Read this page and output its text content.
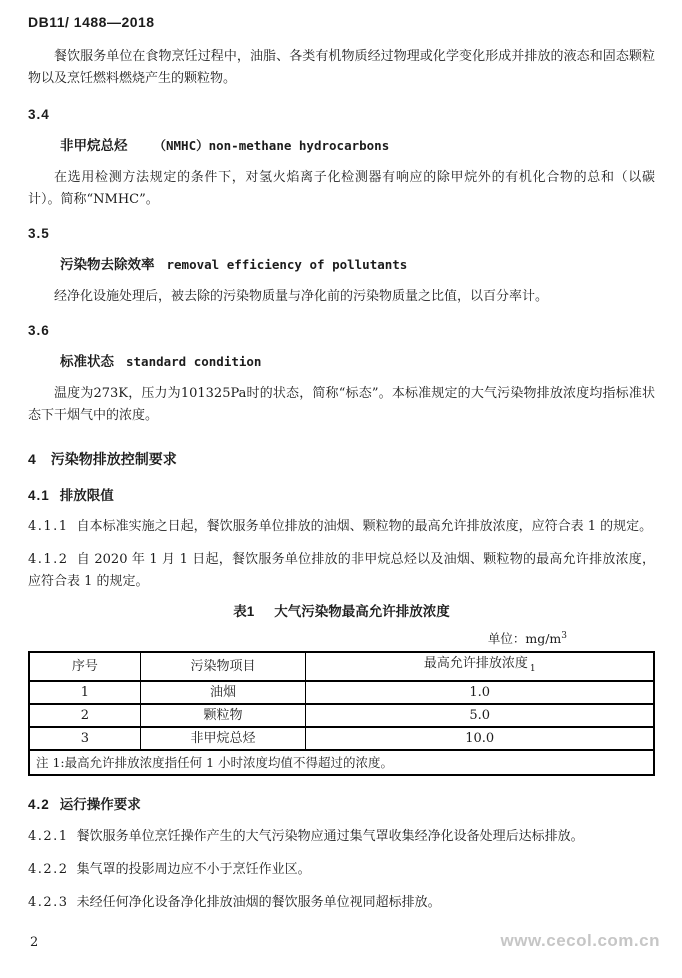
DB11/ 1488—2018

餐饮服务单位在食物烹饪过程中，油脂、各类有机物质经过物理或化学变化形成并排放的液态和固态颗粒物以及烹饪燃料燃烧产生的颗粒物。

3.4
非甲烷总烃 （NMHC）non-methane hydrocarbons

在选用检测方法规定的条件下，对氢火焰离子化检测器有响应的除甲烷外的有机化合物的总和（以碳计）。简称“NMHC”。

3.5
污染物去除效率 removal efficiency of pollutants

经净化设施处理后，被去除的污染物质量与净化前的污染物质量之比值，以百分率计。

3.6
标准状态 standard condition

温度为273K，压力为101325Pa时的状态，简称“标态”。本标准规定的大气污染物排放浓度均指标准状态下干烟气中的浓度。

4 污染物排放控制要求
4.1 排放限值

4.1.1 自本标准实施之日起，餐饮服务单位排放的油烟、颗粒物的最高允许排放浓度，应符合表 1 的规定。

4.1.2 自 2020 年 1 月 1 日起，餐饮服务单位排放的非甲烷总烃以及油烟、颗粒物的最高允许排放浓度，应符合表 1 的规定。

表1 大气污染物最高允许排放浓度
单位：$mg/m^3$
序号	污染物项目	最高允许排放浓度 $_1$
1	油烟	1.0
2	颗粒物	5.0
3	非甲烷总烃	10.0
注 1:最高允许排放浓度指任何 1 小时浓度均值不得超过的浓度。		
4.2 运行操作要求

4.2.1 餐饮服务单位烹饪操作产生的大气污染物应通过集气罩收集经净化设备处理后达标排放。

4.2.2 集气罩的投影周边应不小于烹饪作业区。

4.2.3 未经任何净化设备净化排放油烟的餐饮服务单位视同超标排放。

2	www.cecol.com.cn
